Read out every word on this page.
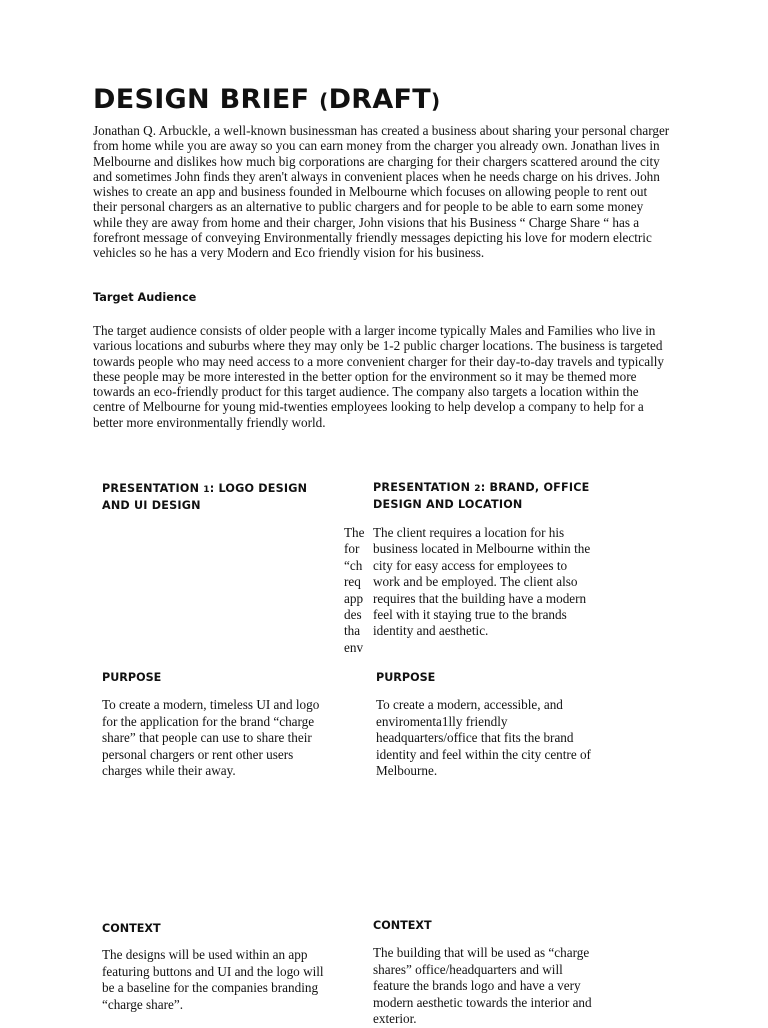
DESIGN BRIEF (DRAFT)

Jonathan Q. Arbuckle, a well-known businessman has created a business about sharing your personal charger from home while you are away so you can earn money from the charger you already own. Jonathan lives in Melbourne and dislikes how much big corporations are charging for their chargers scattered around the city and sometimes John finds they aren't always in convenient places when he needs charge on his drives. John wishes to create an app and business founded in Melbourne which focuses on allowing people to rent out their personal chargers as an alternative to public chargers and for people to be able to earn some money while they are away from home and their charger, John visions that his Business “ Charge Share “ has a forefront message of conveying Environmentally friendly messages depicting his love for modern electric vehicles so he has a very Modern and Eco friendly vision for his business.

Target Audience

The target audience consists of older people with a larger income typically Males and Families who live in various locations and suburbs where they may only be 1-2 public charger locations. The business is targeted towards people who may need access to a more convenient charger for their day-to-day travels and typically these people may be more interested in the better option for the environment so it may be themed more towards an eco-friendly product for this target audience. The company also targets a location within the centre of Melbourne for young mid-twenties employees looking to help develop a company to help for a better more environmentally friendly world.

PRESENTATION 1: LOGO DESIGN AND UI DESIGN

The

for

“ch

req

app

des

tha

env

PRESENTATION 2: BRAND, OFFICE DESIGN AND LOCATION

The client requires a location for his business located in Melbourne within the city for easy access for employees to work and be employed. The client also requires that the building have a modern feel with it staying true to the brands identity and aesthetic.

PURPOSE

To create a modern, timeless UI and logo for the application for the brand “charge share” that people can use to share their personal chargers or rent other users charges while their away.

PURPOSE

To create a modern, accessible, and enviromenta1lly friendly headquarters/office that fits the brand identity and feel within the city centre of Melbourne.

CONTEXT

The designs will be used within an app featuring buttons and UI and the logo will be a baseline for the companies branding “charge share”.

CONTEXT

The building that will be used as “charge shares” office/headquarters and will feature the brands logo and have a very modern aesthetic towards the interior and exterior.
